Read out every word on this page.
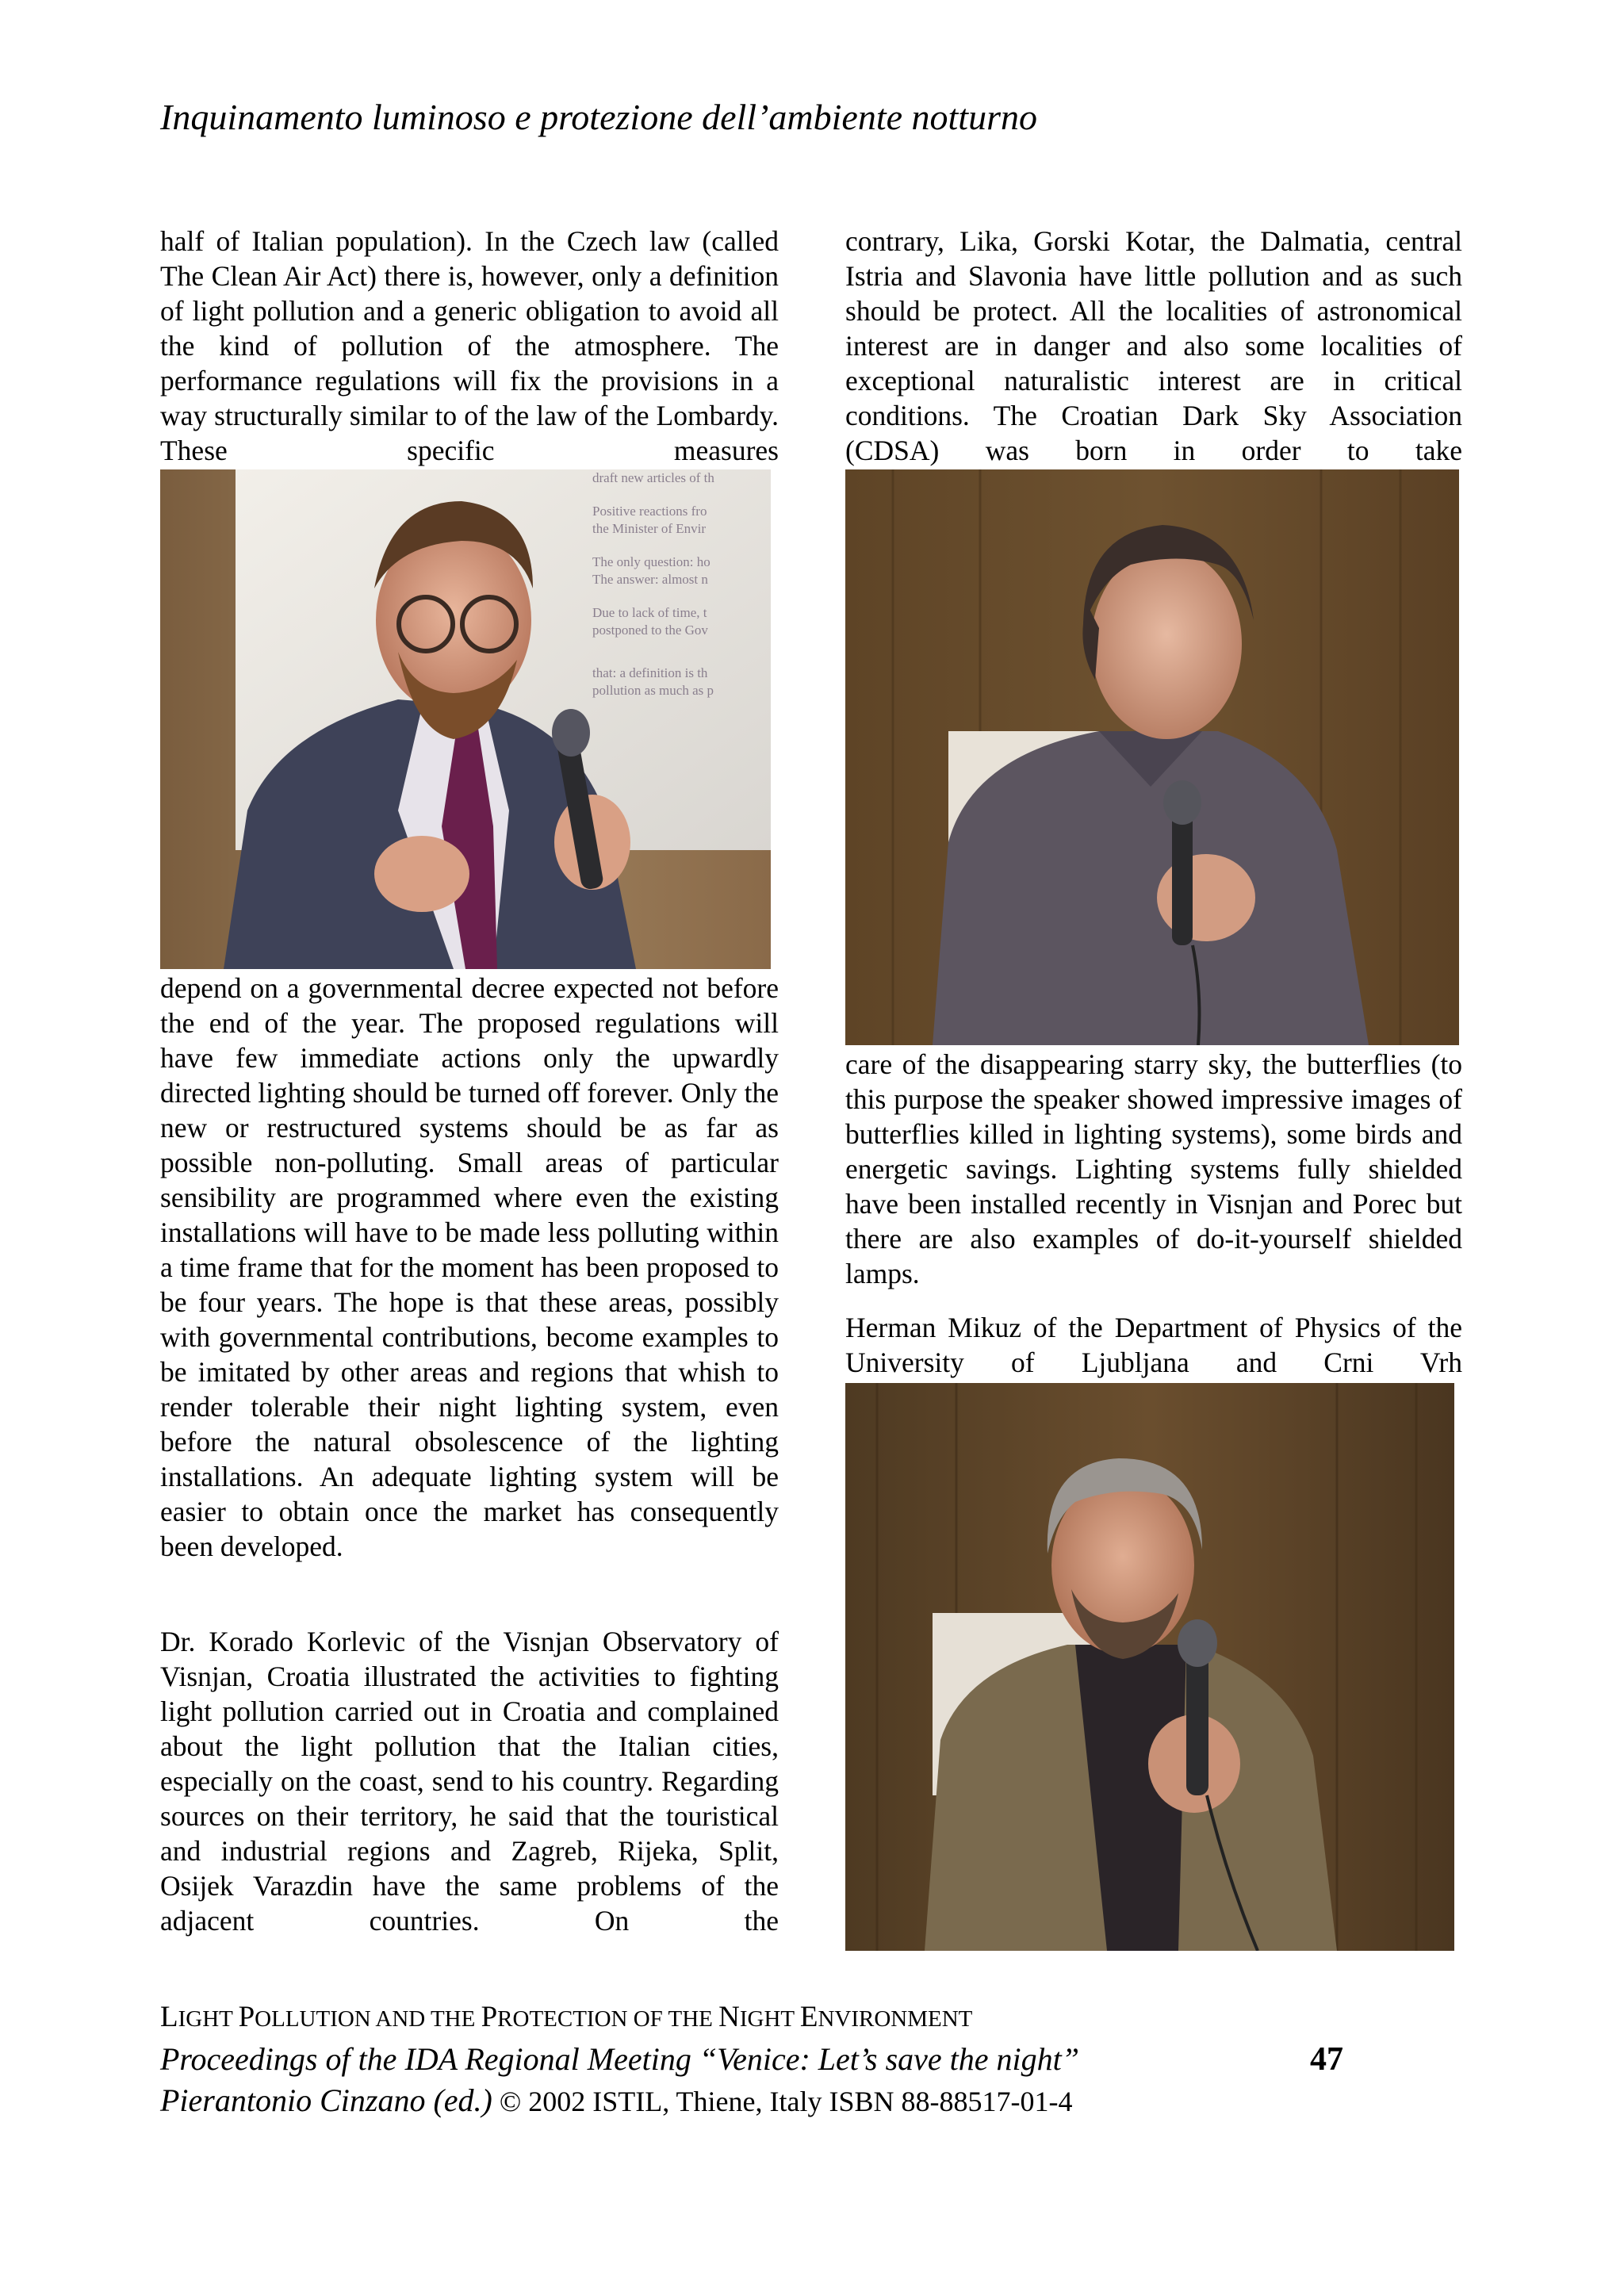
Inquinamento luminoso e protezione dell’ambiente notturno

half of Italian population). In the Czech law (called The Clean Air Act) there is, however, only a definition of light pollution and a generic obligation to avoid all the kind of pollution of the atmosphere. The performance regulations will fix the provisions in a way structurally similar to of the law of the Lombardy. These specific measures

draft new articles of th
Positive reactions fro
the Minister of Envir
The only question: ho
The answer: almost n
Due to lack of time, t
postponed to the Gov
that: a definition is th
pollution as much as p

depend on a governmental decree expected not before the end of the year. The proposed regulations will have few immediate actions only the upwardly directed lighting should be turned off forever. Only the new or restructured systems should be as far as possible non-polluting. Small areas of particular sensibility are programmed where even the existing installations will have to be made less polluting within a time frame that for the moment has been proposed to be four years. The hope is that these areas, possibly with governmental contributions, become examples to be imitated by other areas and regions that whish to render tolerable their night lighting system, even before the natural obsolescence of the lighting installations. An adequate lighting system will be easier to obtain once the market has consequently been developed.

Dr. Korado Korlevic of the Visnjan Observatory of Visnjan, Croatia illustrated the activities to fighting light pollution carried out in Croatia and complained about the light pollution that the Italian cities, especially on the coast, send to his country. Regarding sources on their territory, he said that the touristical and industrial regions and Zagreb, Rijeka, Split, Osijek Varazdin have the same problems of the adjacent countries. On the

contrary, Lika, Gorski Kotar, the Dalmatia, central Istria and Slavonia have little pollution and as such should be protect. All the localities of astronomical interest are in danger and also some localities of exceptional naturalistic interest are in critical conditions. The Croatian Dark Sky Association (CDSA) was born in order to take

care of the disappearing starry sky, the butterflies (to this purpose the speaker showed impressive images of butterflies killed in lighting systems), some birds and energetic savings. Lighting systems fully shielded have been installed recently in Visnjan and Porec but there are also examples of do-it-yourself shielded lamps.

Herman Mikuz of the Department of Physics of the University of Ljubljana and Crni Vrh

LIGHT POLLUTION AND THE PROTECTION OF THE NIGHT ENVIRONMENT
Proceedings of the IDA Regional Meeting “Venice: Let’s save the night”	47
Pierantonio Cinzano (ed.) © 2002 ISTIL, Thiene, Italy ISBN 88-88517-01-4
